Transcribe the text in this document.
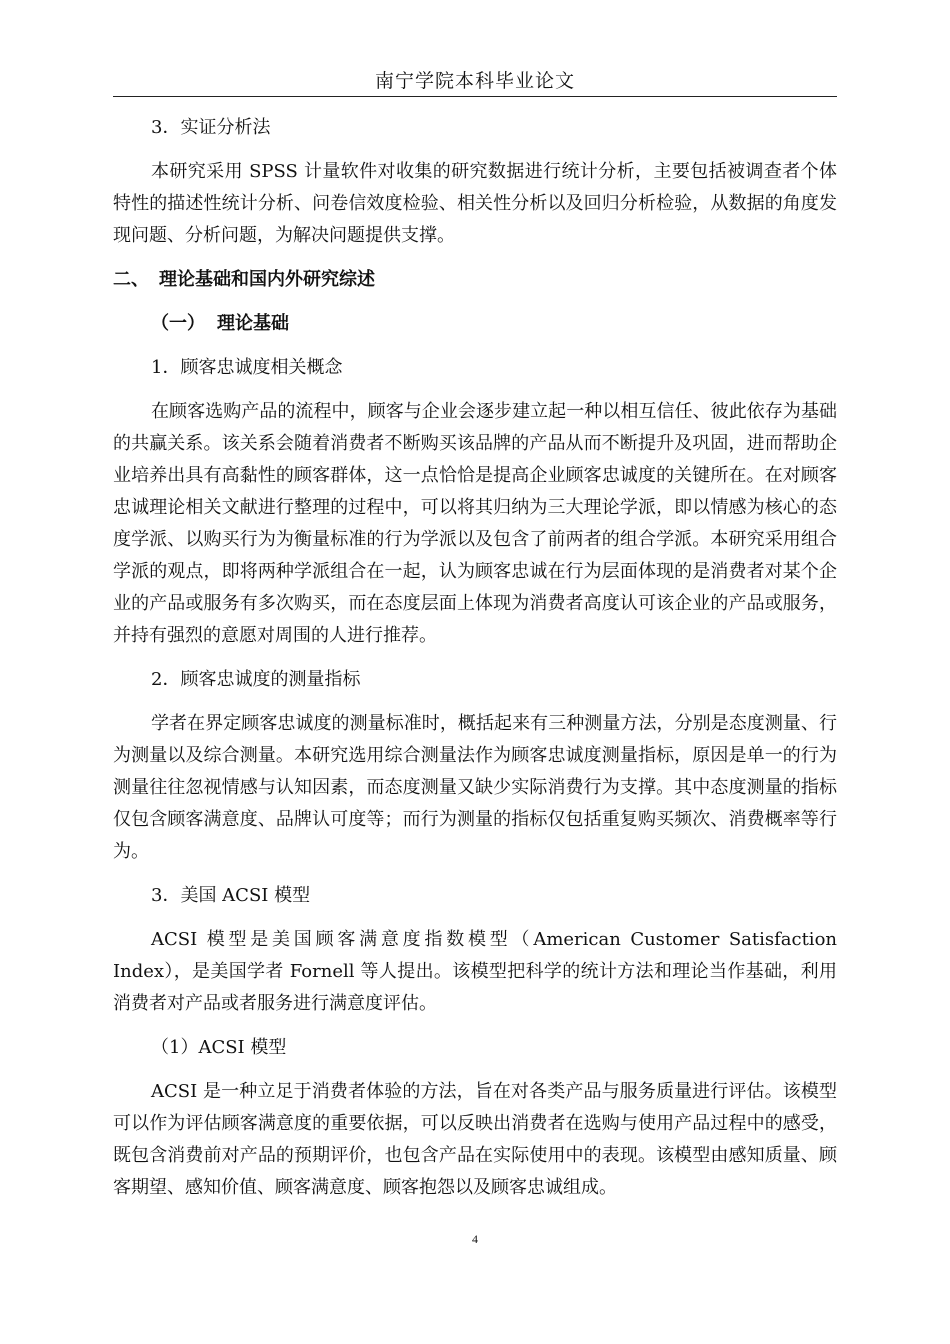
南宁学院本科毕业论文

3．实证分析法

本研究采用 SPSS 计量软件对收集的研究数据进行统计分析，主要包括被调查者个体特性的描述性统计分析、问卷信效度检验、相关性分析以及回归分析检验，从数据的角度发现问题、分析问题，为解决问题提供支撑。

二、 理论基础和国内外研究综述

（一） 理论基础

1．顾客忠诚度相关概念

在顾客选购产品的流程中，顾客与企业会逐步建立起一种以相互信任、彼此依存为基础的共赢关系。该关系会随着消费者不断购买该品牌的产品从而不断提升及巩固，进而帮助企业培养出具有高黏性的顾客群体，这一点恰恰是提高企业顾客忠诚度的关键所在。在对顾客忠诚理论相关文献进行整理的过程中，可以将其归纳为三大理论学派，即以情感为核心的态度学派、以购买行为为衡量标准的行为学派以及包含了前两者的组合学派。本研究采用组合学派的观点，即将两种学派组合在一起，认为顾客忠诚在行为层面体现的是消费者对某个企业的产品或服务有多次购买，而在态度层面上体现为消费者高度认可该企业的产品或服务，并持有强烈的意愿对周围的人进行推荐。

2．顾客忠诚度的测量指标

学者在界定顾客忠诚度的测量标准时，概括起来有三种测量方法，分别是态度测量、行为测量以及综合测量。本研究选用综合测量法作为顾客忠诚度测量指标，原因是单一的行为测量往往忽视情感与认知因素，而态度测量又缺少实际消费行为支撑。其中态度测量的指标仅包含顾客满意度、品牌认可度等；而行为测量的指标仅包括重复购买频次、消费概率等行为。

3．美国 ACSI 模型

ACSI 模型是美国顾客满意度指数模型（American Customer Satisfaction Index），是美国学者 Fornell 等人提出。该模型把科学的统计方法和理论当作基础，利用消费者对产品或者服务进行满意度评估。

（1）ACSI 模型

ACSI 是一种立足于消费者体验的方法，旨在对各类产品与服务质量进行评估。该模型可以作为评估顾客满意度的重要依据，可以反映出消费者在选购与使用产品过程中的感受，既包含消费前对产品的预期评价，也包含产品在实际使用中的表现。该模型由感知质量、顾客期望、感知价值、顾客满意度、顾客抱怨以及顾客忠诚组成。

4
